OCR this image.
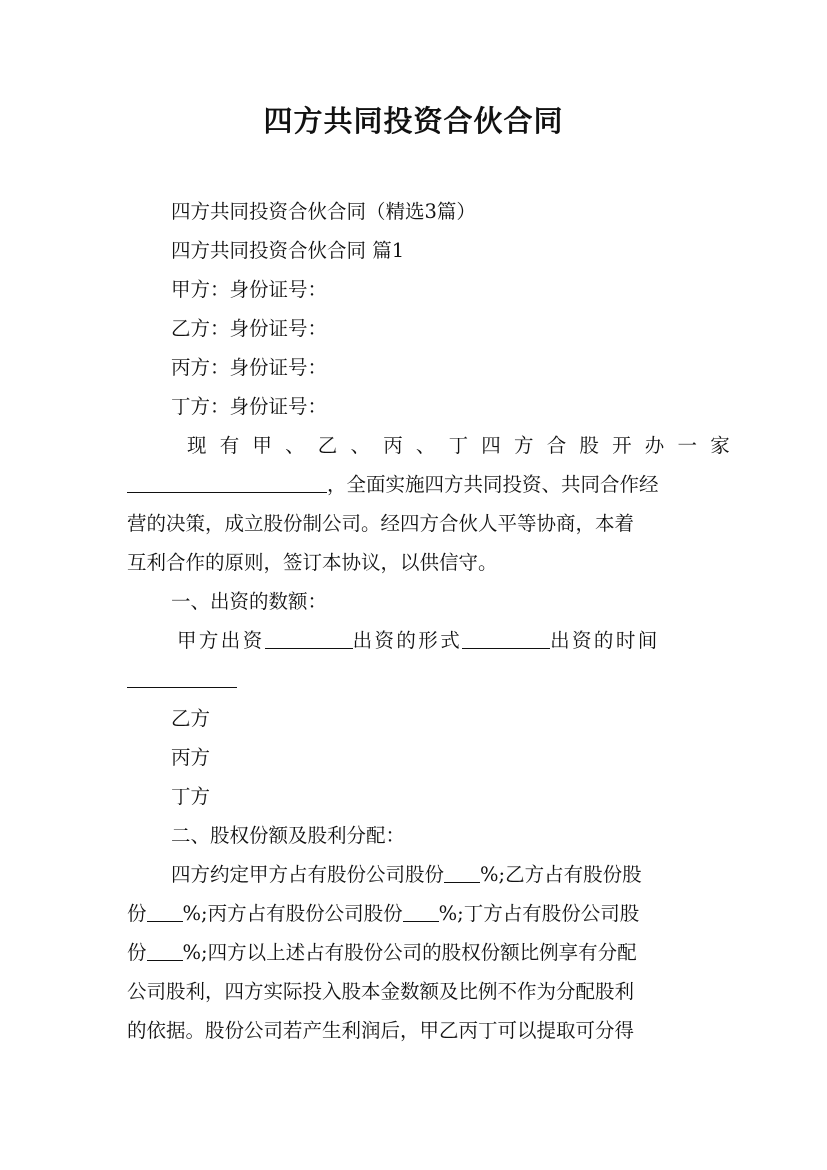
四方共同投资合伙合同

四方共同投资合伙合同（精选3篇）

四方共同投资合伙合同 篇1

甲方：身份证号：

乙方：身份证号：

丙方：身份证号：

丁方：身份证号：

现有甲、乙、丙、丁四方合股开办一家

，全面实施四方共同投资、共同合作经

营的决策，成立股份制公司。经四方合伙人平等协商，本着

互利合作的原则，签订本协议，以供信守。

一、出资的数额：

甲方出资	出资的形式	出资的时间

乙方

丙方

丁方

二、股权份额及股利分配：

四方约定甲方占有股份公司股份 %;乙方占有股份股

份 %;丙方占有股份公司股份 %;丁方占有股份公司股

份 %;四方以上述占有股份公司的股权份额比例享有分配

公司股利，四方实际投入股本金数额及比例不作为分配股利

的依据。股份公司若产生利润后，甲乙丙丁可以提取可分得
